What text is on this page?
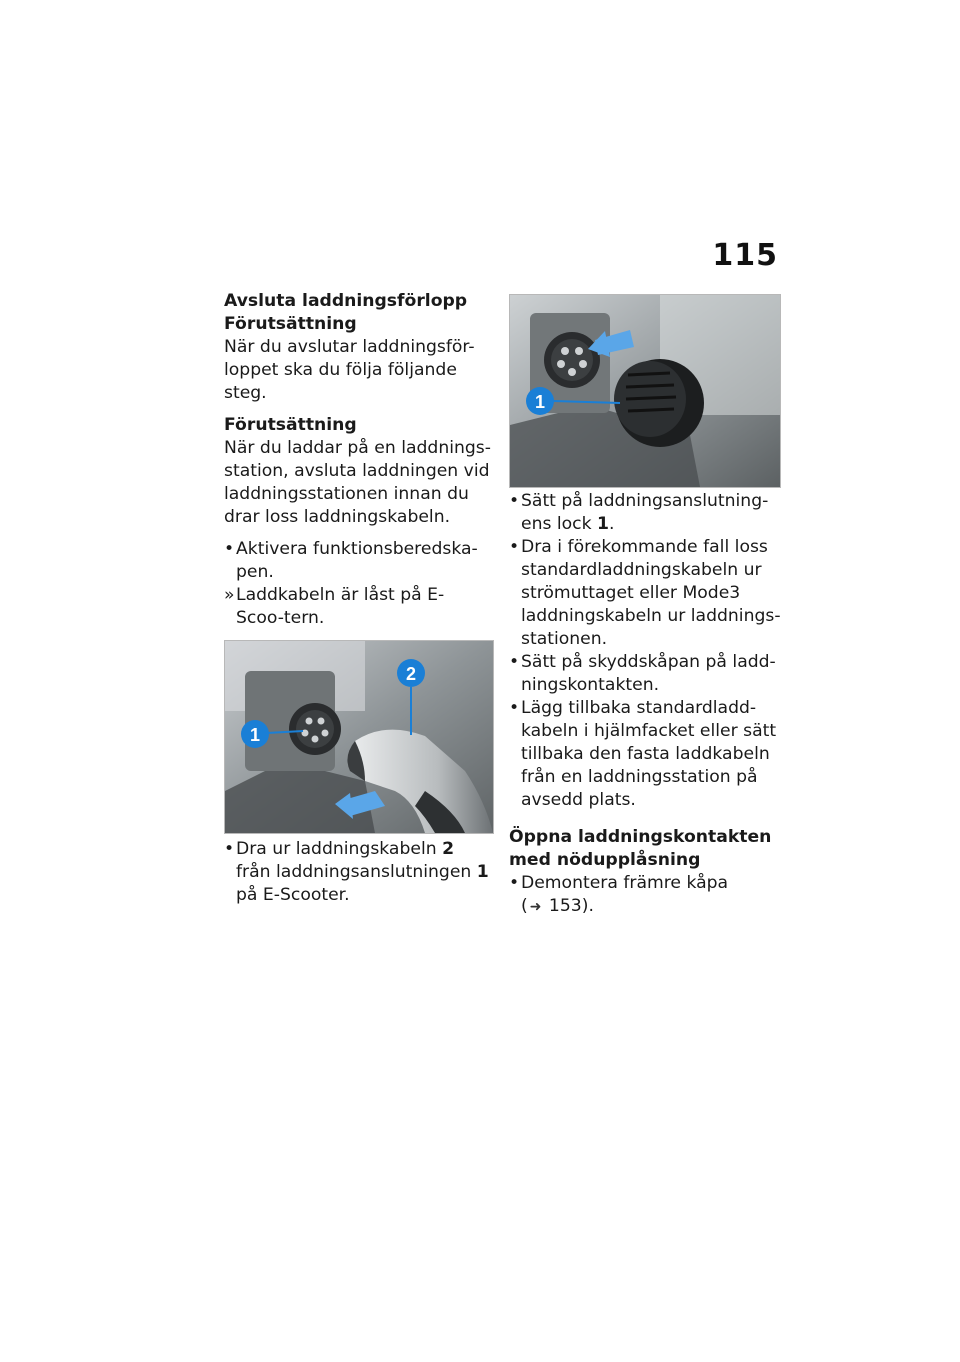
115

Avsluta laddningsförlopp

Förutsättning

När du avslutar laddningsför-loppet ska du följa följande steg.

Förutsättning

När du laddar på en laddnings-station, avsluta laddningen vid laddningsstationen innan du drar loss laddningskabeln.

• Aktivera funktionsberedska-pen.
» Laddkabeln är låst på E-Scoo-tern.
1
2
• Dra ur laddningskabeln 2 från laddningsanslutningen 1 på E-Scooter.
1
• Sätt på laddningsanslutning-ens lock 1.
• Dra i förekommande fall loss standardladdningskabeln ur strömuttaget eller Mode3 laddningskabeln ur laddnings-stationen.
• Sätt på skyddskåpan på ladd-ningskontakten.
• Lägg tillbaka standardladd-kabeln i hjälmfacket eller sätt tillbaka den fasta laddkabeln från en laddningsstation på avsedd plats.

Öppna laddningskontakten med nödupplåsning

• Demontera främre kåpa
( ➜ 153).
